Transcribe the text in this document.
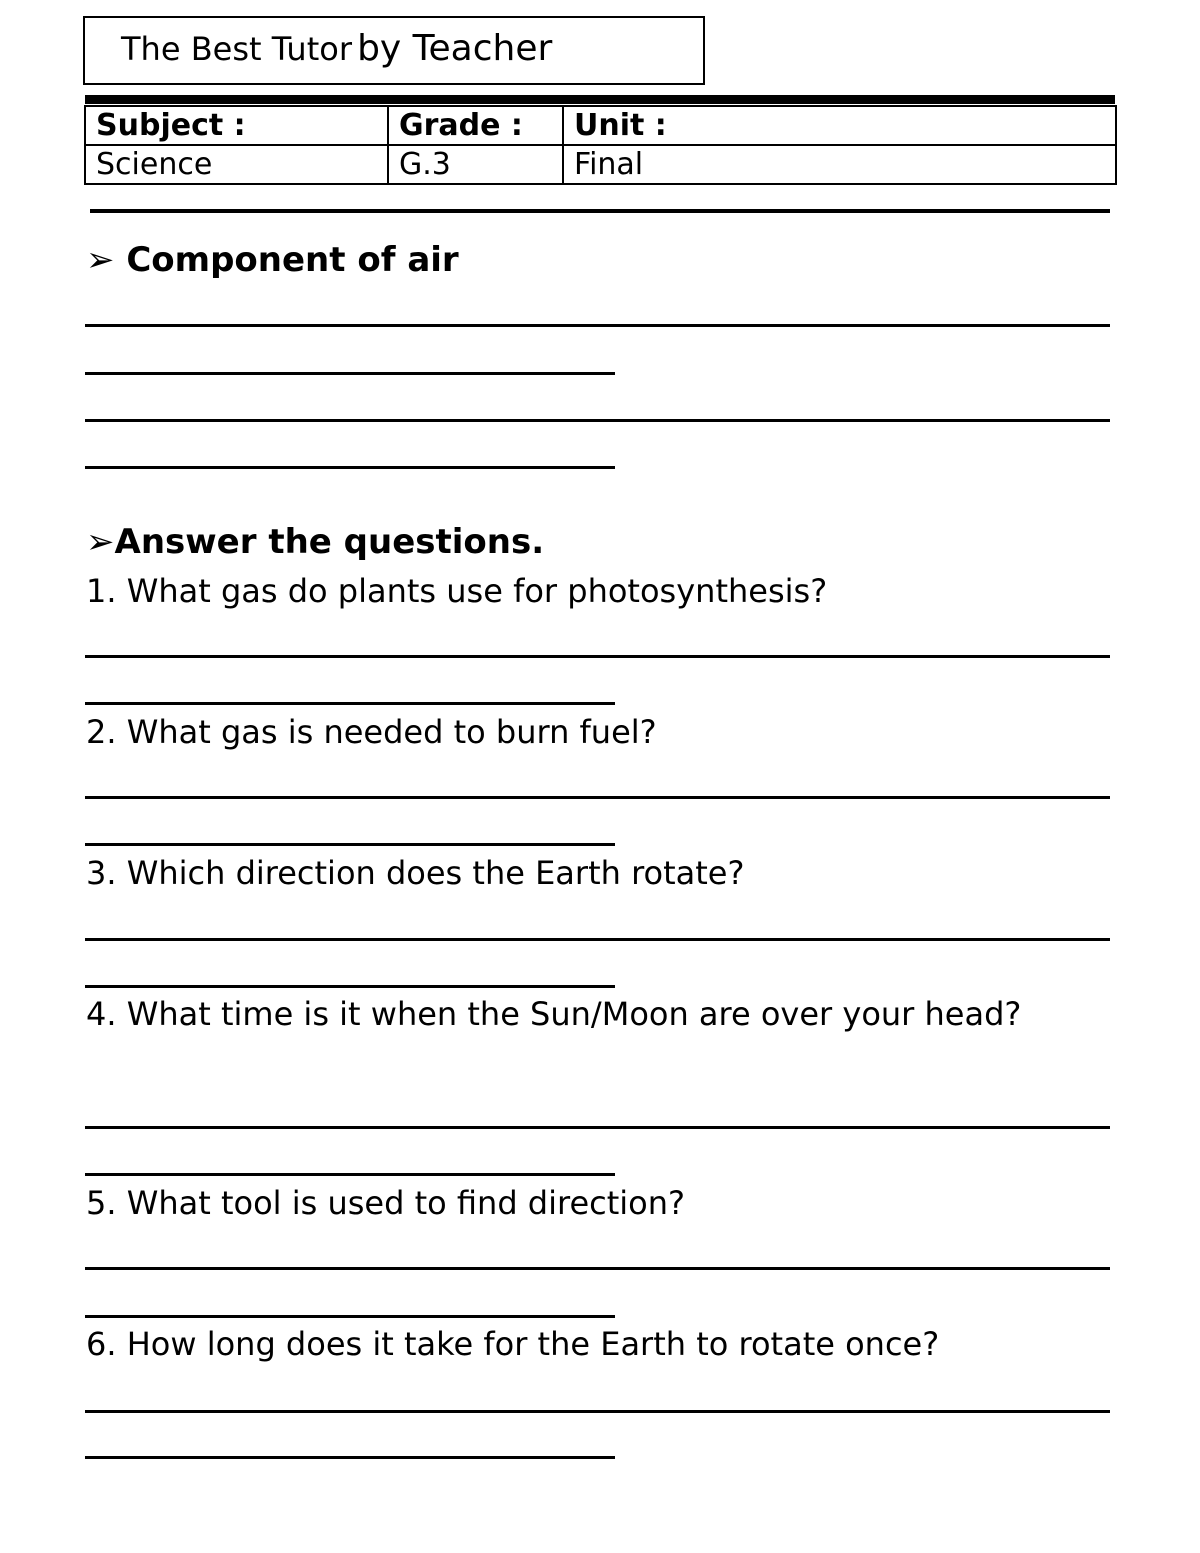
The Best Tutor by Teacher
Subject :	Grade :	Unit :
Science	G.3	Final
➢ Component of air
➢Answer the questions.
1. What gas do plants use for photosynthesis?
2. What gas is needed to burn fuel?
3. Which direction does the Earth rotate?
4. What time is it when the Sun/Moon are over your head?
5. What tool is used to find direction?
6. How long does it take for the Earth to rotate once?
